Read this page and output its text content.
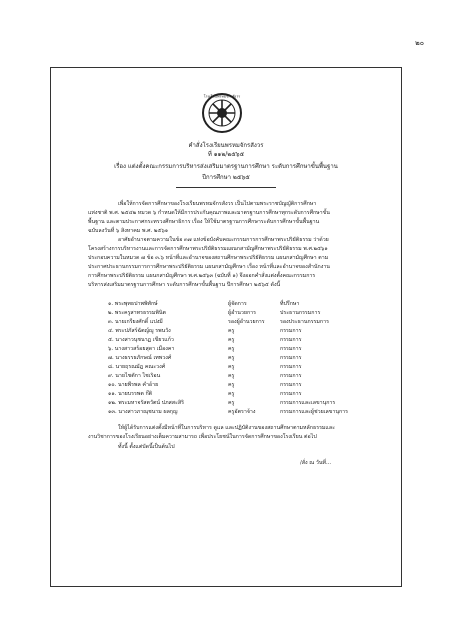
๒๐
โรงเรียนพรหมจักรสังวร
คำสั่งโรงเรียนพรหมจักรสังวร
ที่ ๑๑๒/๒๕๖๕
เรื่อง แต่งตั้งคณะกรรมการบริหารส่งเสริมมาตรฐานการศึกษา ระดับการศึกษาขั้นพื้นฐาน
ปีการศึกษา ๒๕๖๕
เพื่อให้การจัดการศึกษาของโรงเรียนพรหมจักรสังวร เป็นไปตามพระราชบัญญัติการศึกษา
แห่งชาติ พ.ศ. ๒๕๔๒ หมวด ๖ กำหนดให้มีการประกันคุณภาพและมาตรฐานการศึกษาทุกระดับการศึกษาขั้น
พื้นฐาน และตามประกาศกระทรวงศึกษาธิการ เรื่อง ให้ใช้มาตรฐานการศึกษาระดับการศึกษาขั้นพื้นฐาน
ฉบับลงวันที่ ๖ สิงหาคม พ.ศ. ๒๕๖๑
อาศัยอำนาจตามความในข้อ ๓๗ แห่งข้อบังคับคณะกรรมการการศึกษาพระปริยัติธรรม ว่าด้วย
โครงสร้างการบริหารงานและการจัดการศึกษาพระปริยัติธรรมแผนกสามัญศึกษาพระปริยัติธรรม พ.ศ.๒๕๖๑
ประกอบความในหมวด ๗ ข้อ ๓.๖ หน้าที่และอำนาจของสถานศึกษาพระปริยัติธรรม แผนกสามัญศึกษา ตาม
ประกาศประธานกรรมการการศึกษาพระปริยัติธรรม แผนกสามัญศึกษา เรื่อง หน้าที่และอำนาจของสำนักงาน
การศึกษาพระปริยัติธรรม แผนกสามัญศึกษา พ.ศ.๒๕๖๓ (ฉบับที่ ๑) จึงออกคำสั่งแต่งตั้งคณะกรรมการ
บริหารส่งเสริมมาตรฐานการศึกษา ระดับการศึกษาขั้นพื้นฐาน ปีการศึกษา ๒๕๖๕ ดังนี้
๑. พระพุทธปาพพิทักษ์	ผู้จัดการ	ที่ปรึกษา
๒. พระครูสาทรธรรมพินิต	ผู้อำนวยการ	ประธานกรรมการ
๓. นายเกรียงศักดิ์ แปงมี	รองผู้อำนวยการ	รองประธานกรรมการ
๔. พระปภัสร์ฉัตญ์ญู รพนวัง	ครู	กรรมการ
๕. นางสาวนุชนาฏ เขียวแก้ว	ครู	กรรมการ
๖. นางสาวสร้อยสุดา เมืองคา	ครู	กรรมการ
๗. นางธรรธภักษณ์ เทพวงศ์	ครู	กรรมการ
๘. นายฤรณมัฎ คณะวงศ์	ครู	กรรมการ
๙. นายไชตักา ไชเริอน	ครู	กรรมการ
๑๐. นายพีรพล คำอ้าย	ครู	กรรมการ
๑๑. นายบรรพต ก๊ติ	ครู	กรรมการ
๑๒. พระมหาจรัสตวัตน์ ปภสสะสิริ	ครู	กรรมการและเลขานุการ
๑๓. นางสาวภาณุชนาม ผลกุญ	ครูอัตราจ้าง	กรรมการและผู้ช่วยเลขานุการ
ให้ผู้ได้รับการแต่งตั้งมีหน้าที่ในการบริหาร ดูแล และปฏิบัติงานของสถานศึกษาตามหลักธรรมและ
งานวิชาการของโรงเรียนอย่างเต็มความสามารถ เพื่อประโยชน์ในการจัดการศึกษาของโรงเรียน ต่อไป
ทั้งนี้ ตั้งแต่บัดนี้เป็นต้นไป
/สั่ง ณ วันที่...
